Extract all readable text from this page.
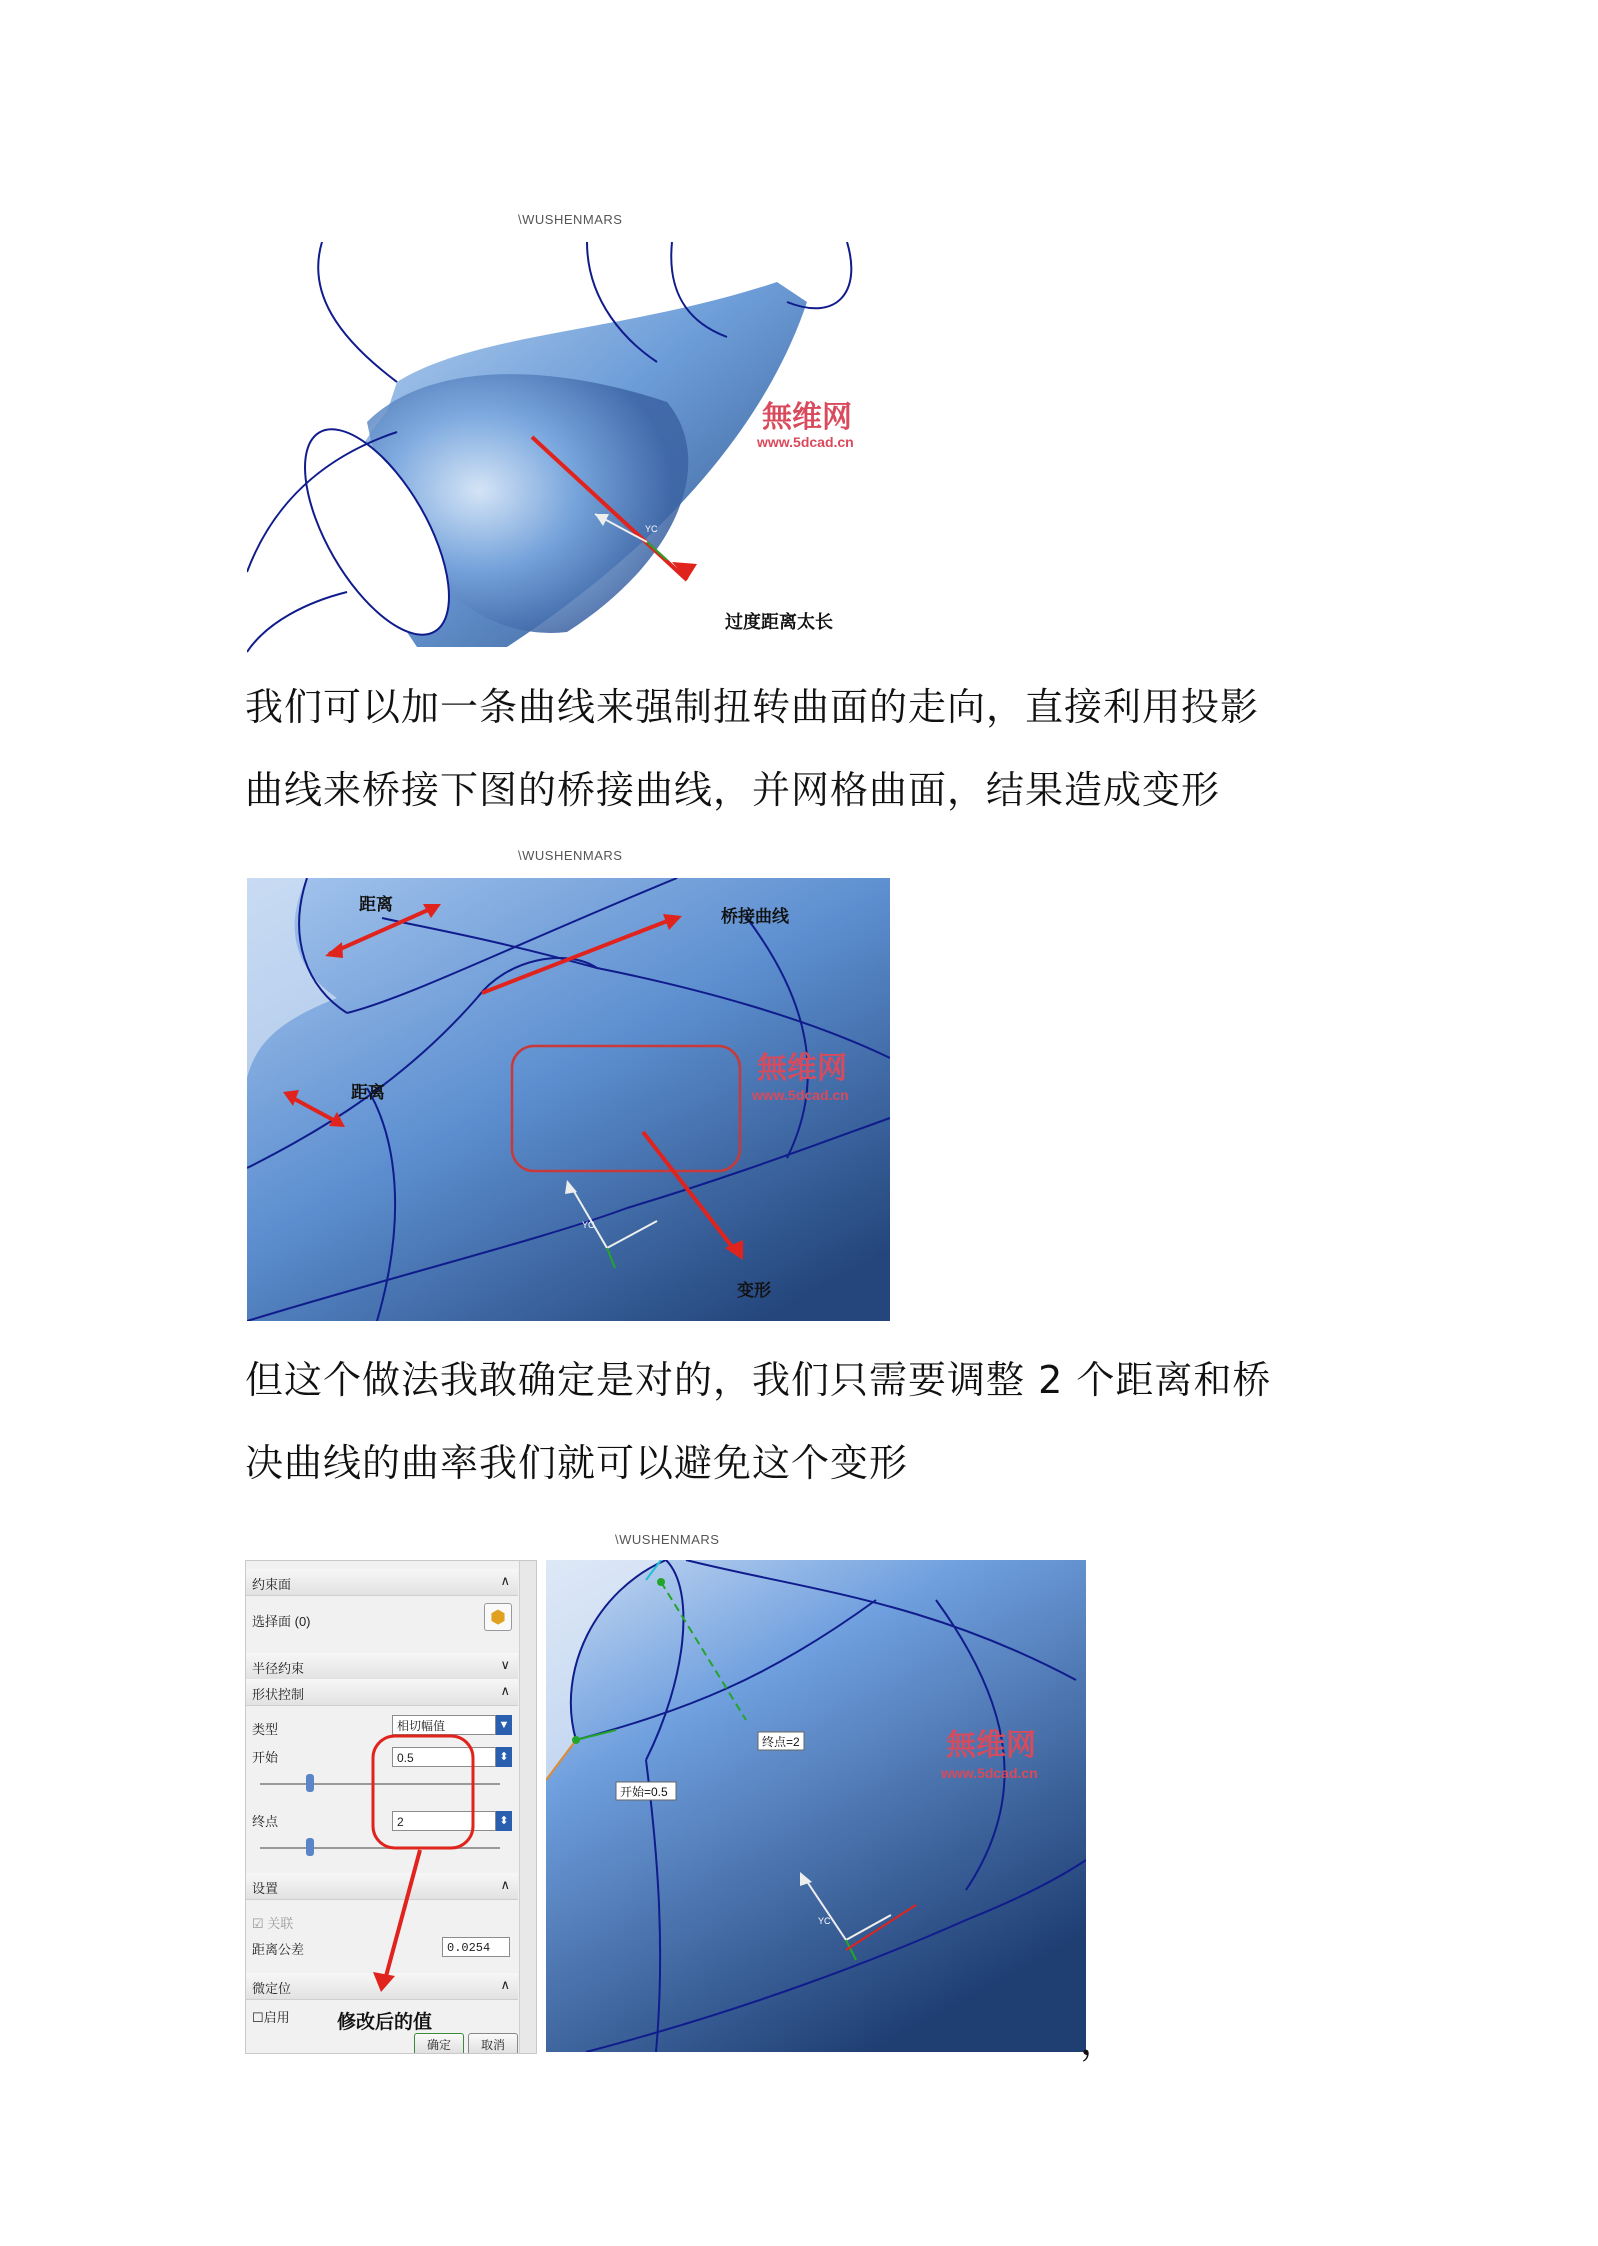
\WUSHENMARS
YC
無维网
www.5dcad.cn
过度距离太长

我们可以加一条曲线来强制扭转曲面的走向，直接利用投影

曲线来桥接下图的桥接曲线，并网格曲面，结果造成变形

\WUSHENMARS
YC
距离
桥接曲线
距离
变形
無维网
www.5dcad.cn

但这个做法我敢确定是对的，我们只需要调整 2 个距离和桥

决曲线的曲率我们就可以避免这个变形

\WUSHENMARS
约束面	∧
选择面 (0)	⬢
半径约束	∨
形状控制	∧
类型	相切幅值	▼
开始	0.5	⬍
终点	2	⬍
设置	∧
☑ 关联
距离公差	0.0254
微定位	∧
☐启用
确定	取消
修改后的值
终点=2
开始=0.5
YC
無维网
www.5dcad.cn
，
